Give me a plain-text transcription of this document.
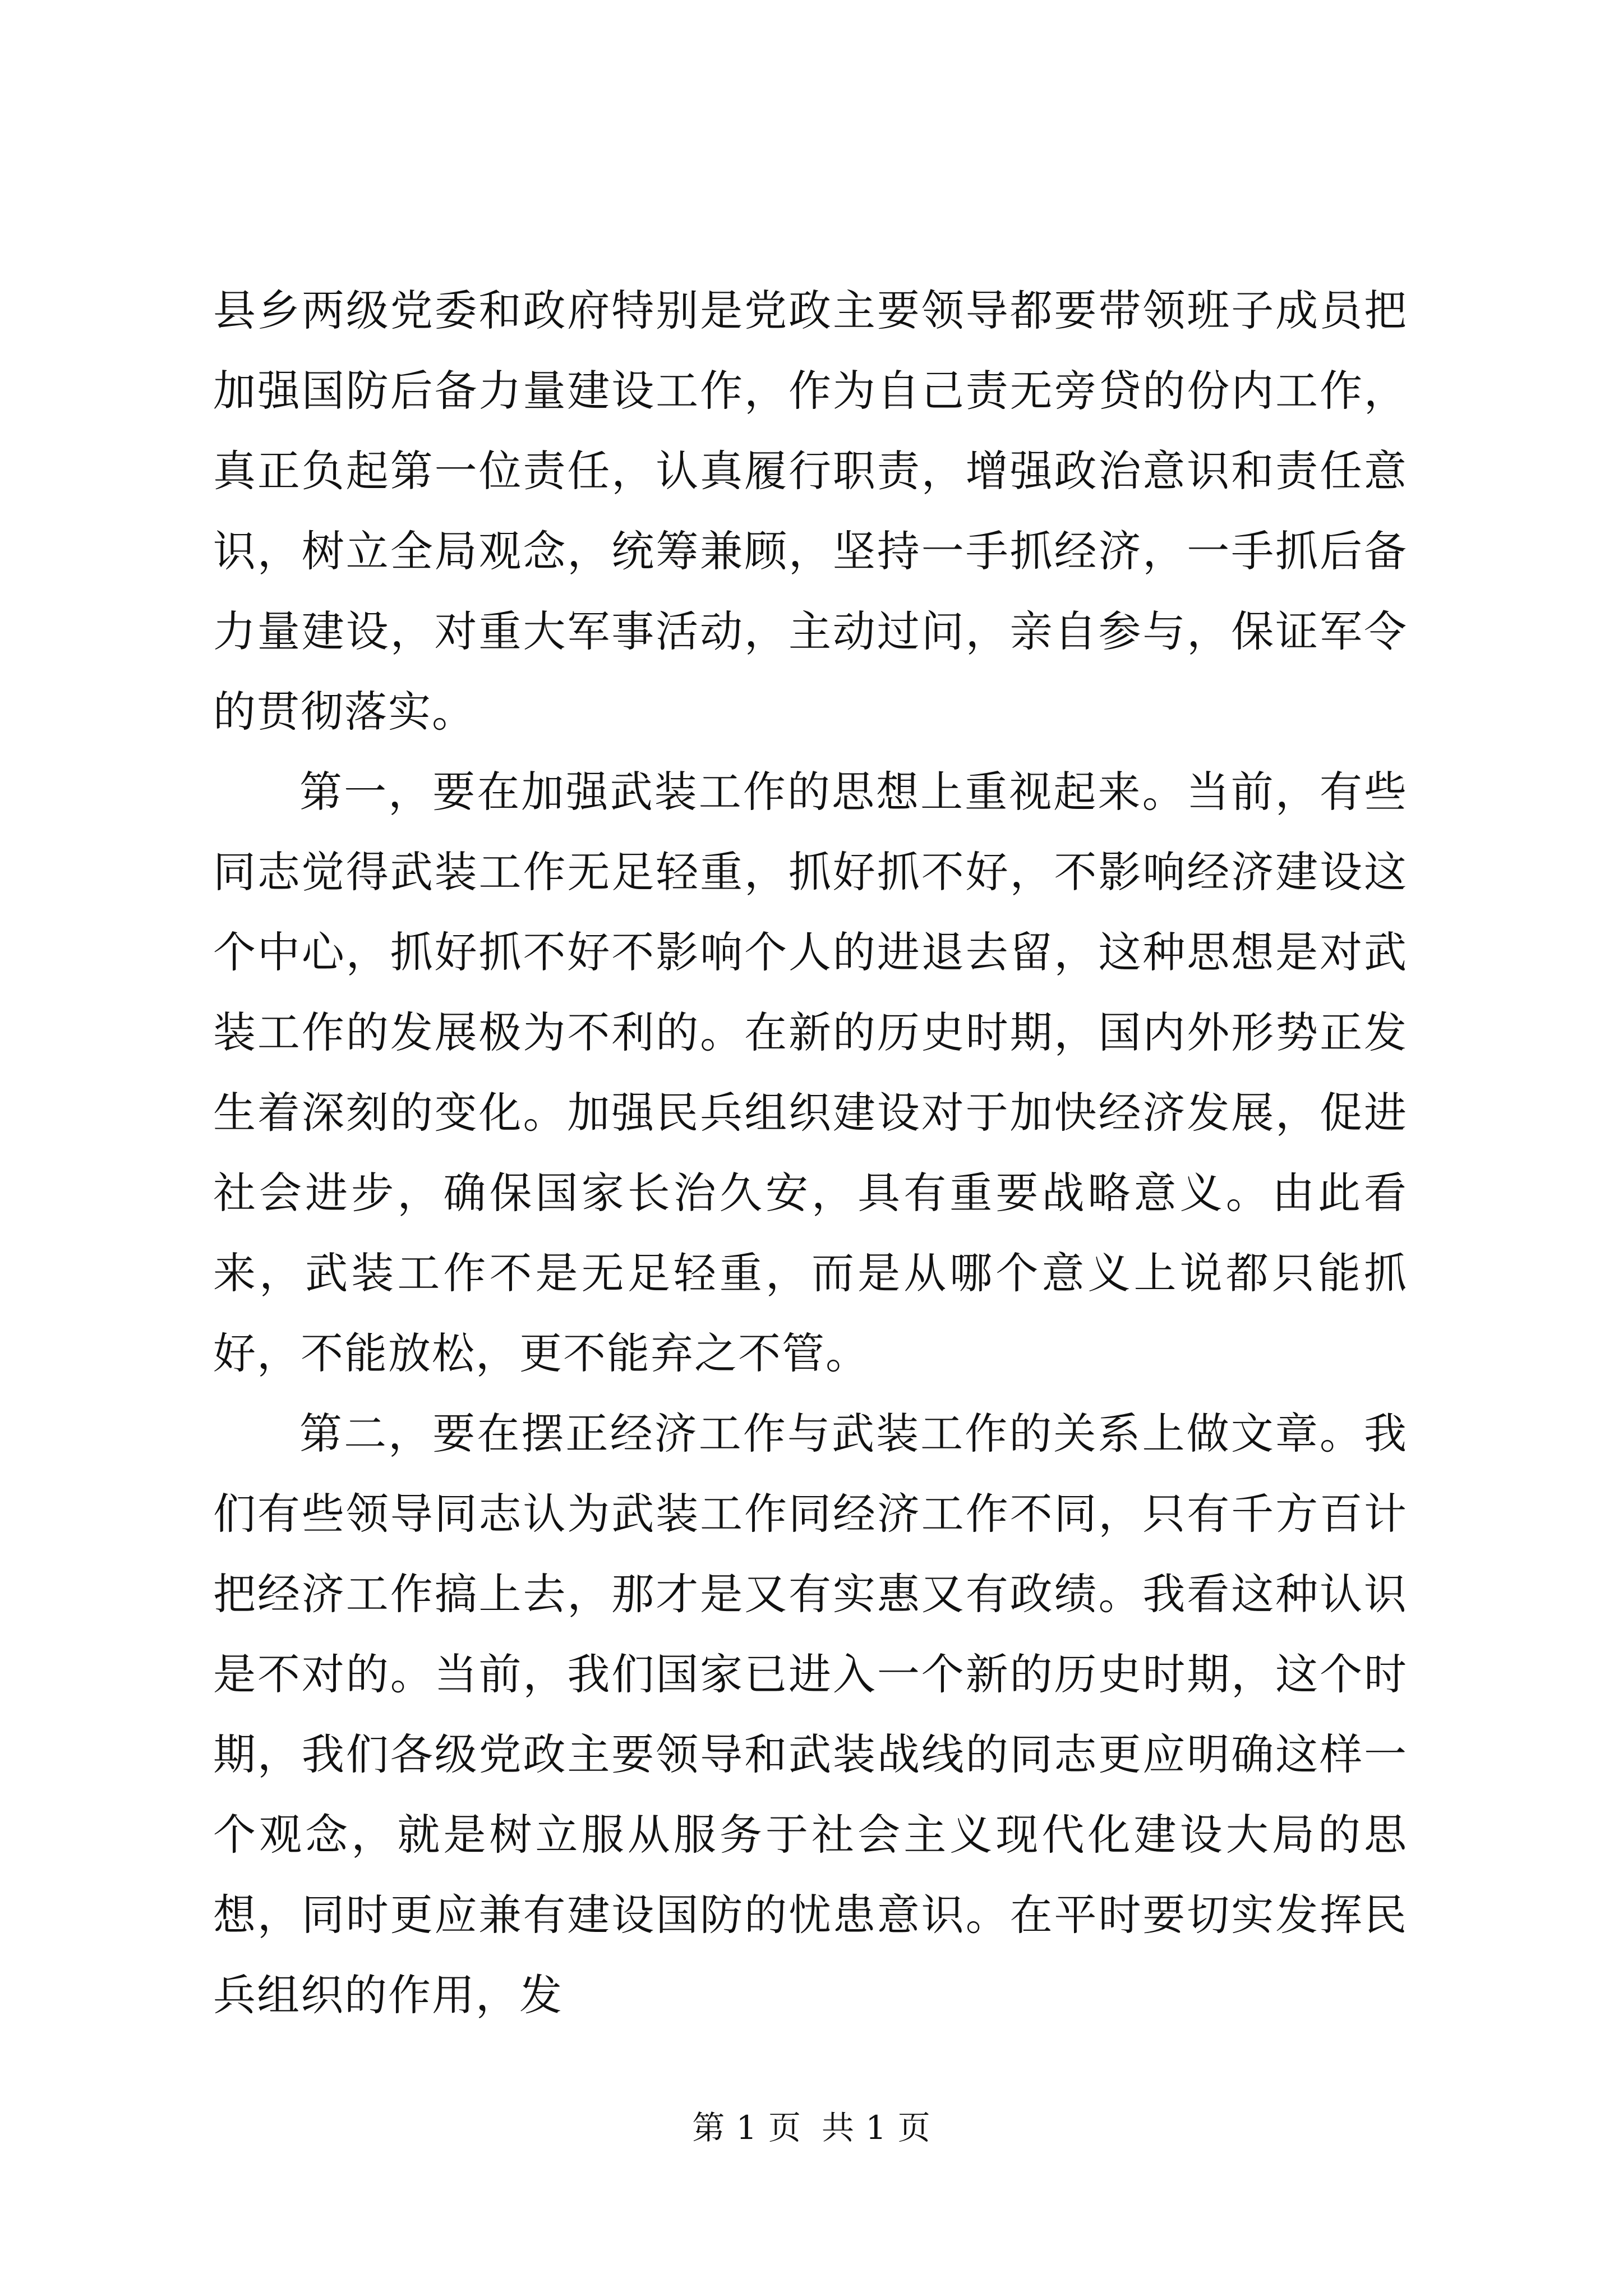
县乡两级党委和政府特别是党政主要领导都要带领班子成员把加强国防后备力量建设工作，作为自己责无旁贷的份内工作，真正负起第一位责任，认真履行职责，增强政治意识和责任意识，树立全局观念，统筹兼顾，坚持一手抓经济，一手抓后备力量建设，对重大军事活动，主动过问，亲自参与，保证军令的贯彻落实。

第一，要在加强武装工作的思想上重视起来。当前，有些同志觉得武装工作无足轻重，抓好抓不好，不影响经济建设这个中心，抓好抓不好不影响个人的进退去留，这种思想是对武装工作的发展极为不利的。在新的历史时期，国内外形势正发生着深刻的变化。加强民兵组织建设对于加快经济发展，促进社会进步，确保国家长治久安，具有重要战略意义。由此看来，武装工作不是无足轻重，而是从哪个意义上说都只能抓好，不能放松，更不能弃之不管。

第二，要在摆正经济工作与武装工作的关系上做文章。我们有些领导同志认为武装工作同经济工作不同，只有千方百计把经济工作搞上去，那才是又有实惠又有政绩。我看这种认识是不对的。当前，我们国家已进入一个新的历史时期，这个时期，我们各级党政主要领导和武装战线的同志更应明确这样一个观念，就是树立服从服务于社会主义现代化建设大局的思想，同时更应兼有建设国防的忧患意识。在平时要切实发挥民兵组织的作用，发

第 1 页 共 1 页
